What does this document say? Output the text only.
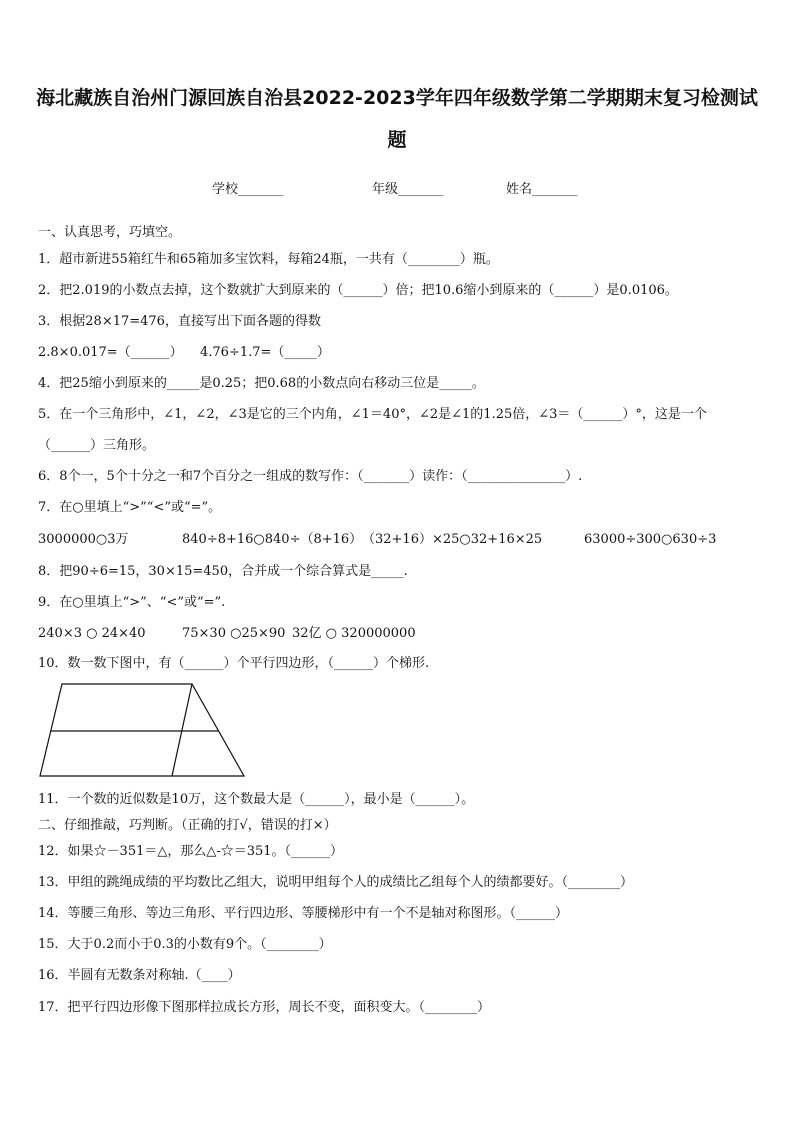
海北藏族自治州门源回族自治县2022-2023学年四年级数学第二学期期末复习检测试
题
学校_______	年级_______	姓名_______
一、认真思考，巧填空。
1．超市新进55箱红牛和65箱加多宝饮料，每箱24瓶，一共有（________）瓶。
2．把2.019的小数点去掉，这个数就扩大到原来的（______）倍；把10.6缩小到原来的（______）是0.0106。
3．根据28×17=476，直接写出下面各题的得数
2.8×0.017=（______） 4.76÷1.7=（_____）
4．把25缩小到原来的_____是0.25；把0.68的小数点向右移动三位是_____。
5．在一个三角形中，∠1，∠2，∠3是它的三个内角，∠1＝40°，∠2是∠1的1.25倍，∠3＝（______）°，这是一个
（______）三角形。
6．8个一，5个十分之一和7个百分之一组成的数写作：（_______）读作：（_______________）.
7．在○里填上“>”“<”或“=”。
3000000○3万	840÷8+16○840÷（8+16） （32+16）×25○32+16×25	63000÷300○630÷3
8．把90÷6=15，30×15=450，合并成一个综合算式是_____.
9．在○里填上“>”、“<”或“=”.
240×3 ○ 24×40	75×30 ○25×90 32亿 ○ 320000000
10．数一数下图中，有（______）个平行四边形，（______）个梯形.
11．一个数的近似数是10万，这个数最大是（______），最小是（______）。
二、仔细推敲，巧判断。（正确的打√，错误的打×）
12．如果☆－351＝△，那么△-☆＝351。（______）
13．甲组的跳绳成绩的平均数比乙组大，说明甲组每个人的成绩比乙组每个人的绩都要好。（________）
14．等腰三角形、等边三角形、平行四边形、等腰梯形中有一个不是轴对称图形。（______）
15．大于0.2而小于0.3的小数有9个。（________）
16．半圆有无数条对称轴.（____）
17．把平行四边形像下图那样拉成长方形，周长不变，面积变大。（________）
